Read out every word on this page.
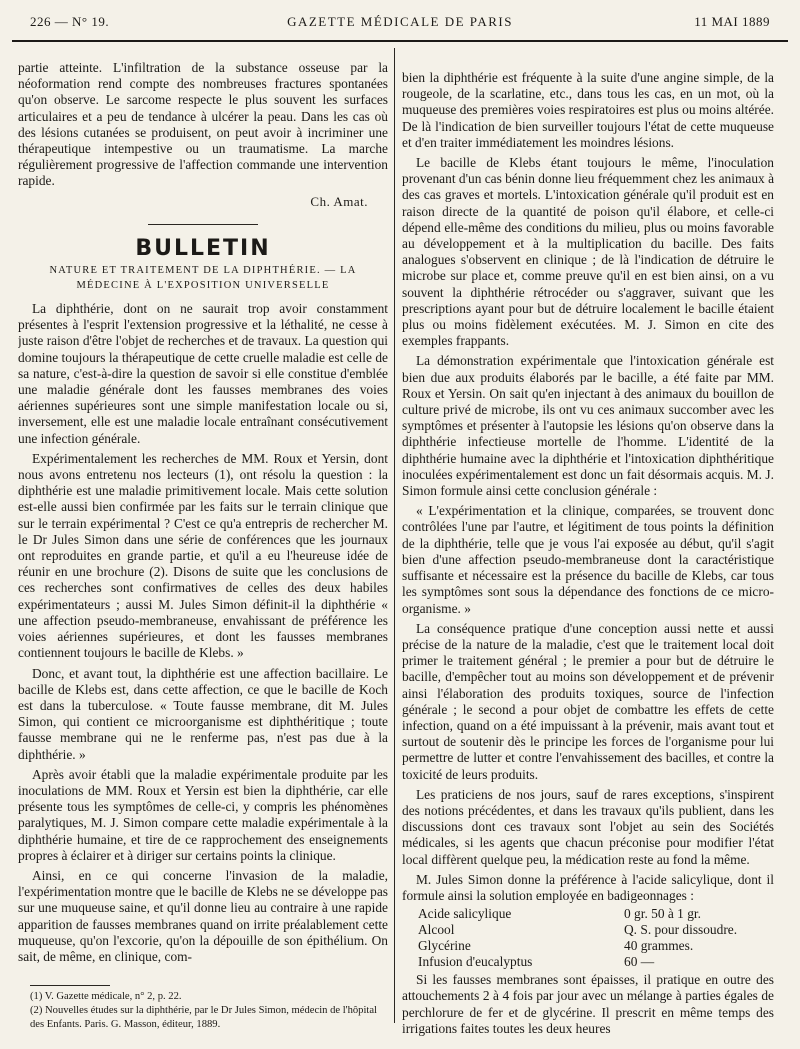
226 — N° 19.	GAZETTE MÉDICALE DE PARIS	11 MAI 1889

partie atteinte. L'infiltration de la substance osseuse par la néoformation rend compte des nombreuses fractures spontanées qu'on observe. Le sarcome respecte le plus souvent les surfaces articulaires et a peu de tendance à ulcérer la peau. Dans les cas où des lésions cutanées se produisent, on peut avoir à incriminer une thérapeutique intempestive ou un traumatisme. La marche régulièrement progressive de l'affection commande une intervention rapide.

Ch. Amat.
BULLETIN
NATURE ET TRAITEMENT DE LA DIPHTHÉRIE. — LA MÉDECINE À L'EXPOSITION UNIVERSELLE

La diphthérie, dont on ne saurait trop avoir constamment présentes à l'esprit l'extension progressive et la léthalité, ne cesse à juste raison d'être l'objet de recherches et de travaux. La question qui domine toujours la thérapeutique de cette cruelle maladie est celle de sa nature, c'est-à-dire la question de savoir si elle constitue d'emblée une maladie générale dont les fausses membranes des voies aériennes supérieures sont une simple manifestation locale ou si, inversement, elle est une maladie locale entraînant consécutivement une infection générale.

Expérimentalement les recherches de MM. Roux et Yersin, dont nous avons entretenu nos lecteurs (1), ont résolu la question : la diphthérie est une maladie primitivement locale. Mais cette solution est-elle aussi bien confirmée par les faits sur le terrain clinique que sur le terrain expérimental ? C'est ce qu'a entrepris de rechercher M. le Dr Jules Simon dans une série de conférences que les journaux ont reproduites en grande partie, et qu'il a eu l'heureuse idée de réunir en une brochure (2). Disons de suite que les conclusions de ces recherches sont confirmatives de celles des deux habiles expérimentateurs ; aussi M. Jules Simon définit-il la diphthérie « une affection pseudo-membraneuse, envahissant de préférence les voies aériennes supérieures, et dont les fausses membranes contiennent toujours le bacille de Klebs. »

Donc, et avant tout, la diphthérie est une affection bacillaire. Le bacille de Klebs est, dans cette affection, ce que le bacille de Koch est dans la tuberculose. « Toute fausse membrane, dit M. Jules Simon, qui contient ce microorganisme est diphthéritique ; toute fausse membrane qui ne le renferme pas, n'est pas due à la diphthérie. »

Après avoir établi que la maladie expérimentale produite par les inoculations de MM. Roux et Yersin est bien la diphthérie, car elle présente tous les symptômes de celle-ci, y compris les phénomènes paralytiques, M. J. Simon compare cette maladie expérimentale à la diphthérie humaine, et tire de ce rapprochement des enseignements propres à éclairer et à diriger sur certains points la clinique.

Ainsi, en ce qui concerne l'invasion de la maladie, l'expérimentation montre que le bacille de Klebs ne se développe pas sur une muqueuse saine, et qu'il donne lieu au contraire à une rapide apparition de fausses membranes quand on irrite préalablement cette muqueuse, qu'on l'excorie, qu'on la dépouille de son épithélium. On sait, de même, en clinique, com-

(1) V. Gazette médicale, n° 2, p. 22.
(2) Nouvelles études sur la diphthérie, par le Dr Jules Simon, médecin de l'hôpital des Enfants. Paris. G. Masson, éditeur, 1889.

bien la diphthérie est fréquente à la suite d'une angine simple, de la rougeole, de la scarlatine, etc., dans tous les cas, en un mot, où la muqueuse des premières voies respiratoires est plus ou moins altérée. De là l'indication de bien surveiller toujours l'état de cette muqueuse et d'en traiter immédiatement les moindres lésions.

Le bacille de Klebs étant toujours le même, l'inoculation provenant d'un cas bénin donne lieu fréquemment chez les animaux à des cas graves et mortels. L'intoxication générale qu'il produit est en raison directe de la quantité de poison qu'il élabore, et celle-ci dépend elle-même des conditions du milieu, plus ou moins favorable au développement et à la multiplication du bacille. Des faits analogues s'observent en clinique ; de là l'indication de détruire le microbe sur place et, comme preuve qu'il en est bien ainsi, on a vu souvent la diphthérie rétrocéder ou s'aggraver, suivant que les prescriptions ayant pour but de détruire localement le bacille étaient plus ou moins fidèlement exécutées. M. J. Simon en cite des exemples frappants.

La démonstration expérimentale que l'intoxication générale est bien due aux produits élaborés par le bacille, a été faite par MM. Roux et Yersin. On sait qu'en injectant à des animaux du bouillon de culture privé de microbe, ils ont vu ces animaux succomber avec les symptômes et présenter à l'autopsie les lésions qu'on observe dans la diphthérie infectieuse mortelle de l'homme. L'identité de la diphthérie humaine avec la diphthérie et l'intoxication diphthéritique inoculées expérimentalement est donc un fait désormais acquis. M. J. Simon formule ainsi cette conclusion générale :

« L'expérimentation et la clinique, comparées, se trouvent donc contrôlées l'une par l'autre, et légitiment de tous points la définition de la diphthérie, telle que je vous l'ai exposée au début, qu'il s'agit bien d'une affection pseudo-membraneuse dont la caractéristique suffisante et nécessaire est la présence du bacille de Klebs, car tous les symptômes sont sous la dépendance des fonctions de ce micro-organisme. »

La conséquence pratique d'une conception aussi nette et aussi précise de la nature de la maladie, c'est que le traitement local doit primer le traitement général ; le premier a pour but de détruire le bacille, d'empêcher tout au moins son développement et de prévenir ainsi l'élaboration des produits toxiques, source de l'infection générale ; le second a pour objet de combattre les effets de cette infection, quand on a été impuissant à la prévenir, mais avant tout et surtout de soutenir dès le principe les forces de l'organisme pour lui permettre de lutter et contre l'envahissement des bacilles, et contre la toxicité de leurs produits.

Les praticiens de nos jours, sauf de rares exceptions, s'inspirent des notions précédentes, et dans les travaux qu'ils publient, dans les discussions dont ces travaux sont l'objet au sein des Sociétés médicales, si les agents que chacun préconise pour modifier l'état local diffèrent quelque peu, la médication reste au fond la même.

M. Jules Simon donne la préférence à l'acide salicylique, dont il formule ainsi la solution employée en badigeonnages :

Acide salicylique	0 gr. 50 à 1 gr.
Alcool	Q. S. pour dissoudre.
Glycérine	40 grammes.
Infusion d'eucalyptus	60 —

Si les fausses membranes sont épaisses, il pratique en outre des attouchements 2 à 4 fois par jour avec un mélange à parties égales de perchlorure de fer et de glycérine. Il prescrit en même temps des irrigations faites toutes les deux heures
